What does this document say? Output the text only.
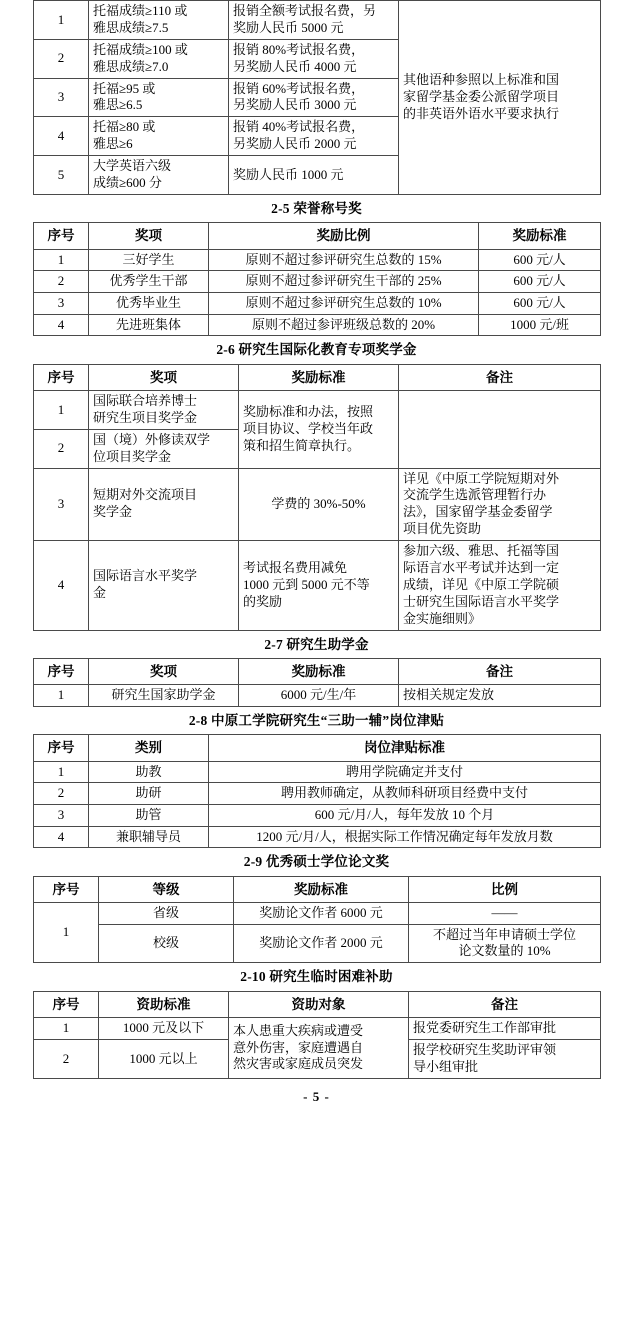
1	托福成绩≥110 或
雅思成绩≥7.5	报销全额考试报名费，另
奖励人民币 5000 元	其他语种参照以上标准和国
家留学基金委公派留学项目
的非英语外语水平要求执行

2	托福成绩≥100 或
雅思成绩≥7.0	报销 80%考试报名费，
另奖励人民币 4000 元	

3	托福≥95 或
雅思≥6.5	报销 60%考试报名费，
另奖励人民币 3000 元	

4	托福≥80 或
雅思≥6	报销 40%考试报名费，
另奖励人民币 2000 元	

5	大学英语六级
成绩≥600 分	奖励人民币 1000 元	
2-5 荣誉称号奖
序号	奖项	奖励比例	奖励标准
1	三好学生	原则不超过参评研究生总数的 15%	600 元/人
2	优秀学生干部	原则不超过参评研究生干部的 25%	600 元/人
3	优秀毕业生	原则不超过参评研究生总数的 10%	600 元/人
4	先进班集体	原则不超过参评班级总数的 20%	1000 元/班
2-6 研究生国际化教育专项奖学金
序号	奖项	奖励标准	备注
1	国际联合培养博士
研究生项目奖学金	奖励标准和办法，按照
项目协议、学校当年政
策和招生简章执行。	

2	国（境）外修读双学
位项目奖学金		

3	短期对外交流项目
奖学金	学费的 30%-50%	详见《中原工学院短期对外
交流学生选派管理暂行办
法》，国家留学基金委留学
项目优先资助

4	国际语言水平奖学
金	考试报名费用减免
1000 元到 5000 元不等
的奖励	参加六级、雅思、托福等国
际语言水平考试并达到一定
成绩，详见《中原工学院硕
士研究生国际语言水平奖学
金实施细则》
2-7 研究生助学金
序号	奖项	奖励标准	备注
1	研究生国家助学金	6000 元/生/年	按相关规定发放
2-8 中原工学院研究生“三助一辅”岗位津贴
序号	类别	岗位津贴标准
1	助教	聘用学院确定并支付
2	助研	聘用教师确定，从教师科研项目经费中支付
3	助管	600 元/月/人，每年发放 10 个月
4	兼职辅导员	1200 元/月/人，根据实际工作情况确定每年发放月数
2-9 优秀硕士学位论文奖
序号	等级	奖励标准	比例
1	省级	奖励论文作者 6000 元	——
	校级	奖励论文作者 2000 元	不超过当年申请硕士学位
论文数量的 10%
2-10 研究生临时困难补助
序号	资助标准	资助对象	备注
1	1000 元及以下	本人患重大疾病或遭受
意外伤害，家庭遭遇自
然灾害或家庭成员突发	报党委研究生工作部审批

2	1000 元以上		报学校研究生奖助评审领
导小组审批
- 5 -
